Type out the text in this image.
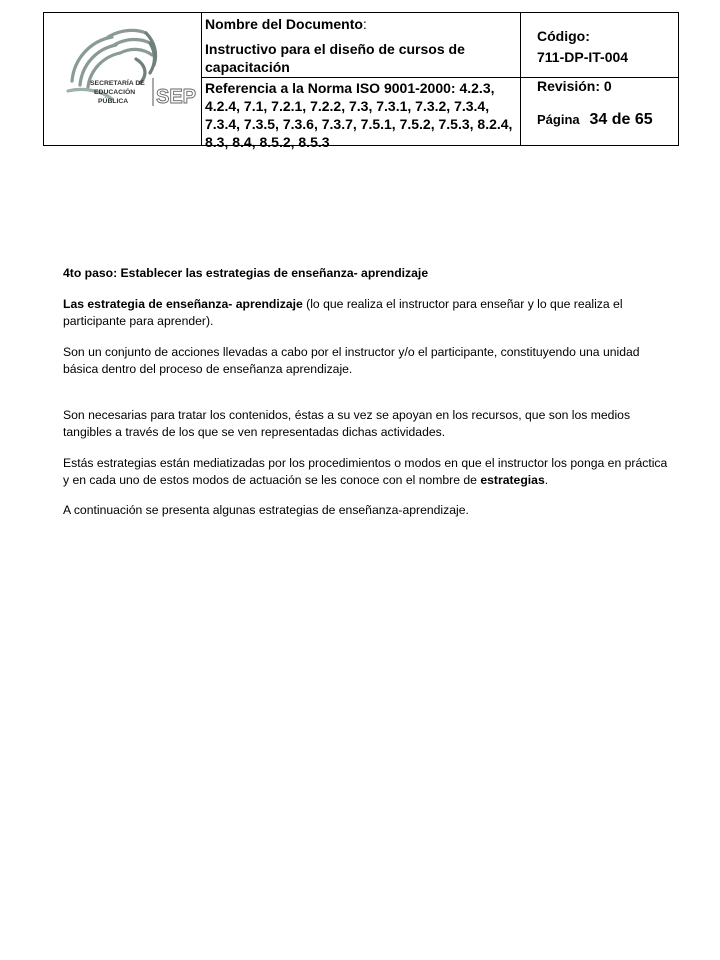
SECRETARÍA DE
EDUCACIÓN
PÚBLICA SEP
Nombre del Documento:
Instructivo para el diseño de cursos de capacitación
Referencia a la Norma ISO 9001-2000: 4.2.3, 4.2.4, 7.1, 7.2.1, 7.2.2, 7.3, 7.3.1, 7.3.2, 7.3.4, 7.3.4, 7.3.5, 7.3.6, 7.3.7, 7.5.1, 7.5.2, 7.5.3, 8.2.4, 8.3, 8.4, 8.5.2, 8.5.3
Código:
711-DP-IT-004
Revisión: 0
Página 34 de 65

4to paso: Establecer las estrategias de enseñanza- aprendizaje

Las estrategia de enseñanza- aprendizaje (lo que realiza el instructor para enseñar y lo que realiza el participante para aprender).

Son un conjunto de acciones llevadas a cabo por el instructor y/o el participante, constituyendo una unidad básica dentro del proceso de enseñanza aprendizaje.

Son necesarias para tratar los contenidos, éstas a su vez se apoyan en los recursos, que son los medios tangibles a través de los que se ven representadas dichas actividades.

Estás estrategias están mediatizadas por los procedimientos o modos en que el instructor los ponga en práctica y en cada uno de estos modos de actuación se les conoce con el nombre de estrategias.

A continuación se presenta algunas estrategias de enseñanza-aprendizaje.
